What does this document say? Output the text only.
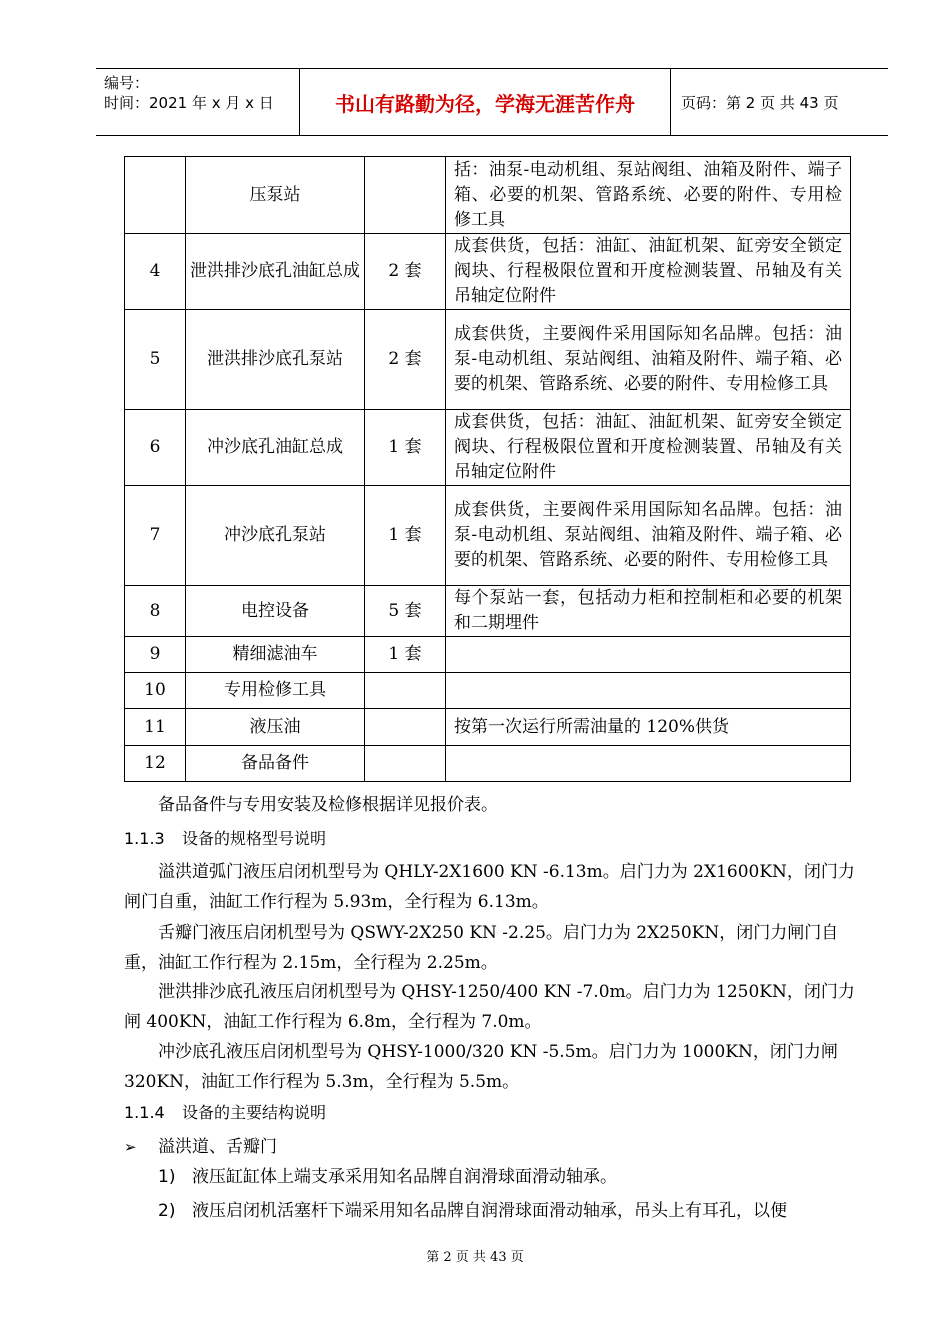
编号：
时间：2021 年 x 月 x 日	书山有路勤为径，学海无涯苦作舟	页码：第 2 页 共 43 页
	压泵站		括：油泵-电动机组、泵站阀组、油箱及附件、端子箱、必要的机架、管路系统、必要的附件、专用检修工具
4	泄洪排沙底孔油缸总成	2 套	成套供货，包括：油缸、油缸机架、缸旁安全锁定阀块、行程极限位置和开度检测装置、吊轴及有关吊轴定位附件
5	泄洪排沙底孔泵站	2 套	成套供货，主要阀件采用国际知名品牌。包括：油泵-电动机组、泵站阀组、油箱及附件、端子箱、必要的机架、管路系统、必要的附件、专用检修工具
6	冲沙底孔油缸总成	1 套	成套供货，包括：油缸、油缸机架、缸旁安全锁定阀块、行程极限位置和开度检测装置、吊轴及有关吊轴定位附件
7	冲沙底孔泵站	1 套	成套供货，主要阀件采用国际知名品牌。包括：油泵-电动机组、泵站阀组、油箱及附件、端子箱、必要的机架、管路系统、必要的附件、专用检修工具
8	电控设备	5 套	每个泵站一套，包括动力柜和控制柜和必要的机架和二期埋件
9	精细滤油车	1 套	
10	专用检修工具		
11	液压油		按第一次运行所需油量的 120%供货
12	备品备件		
备品备件与专用安装及检修根据详见报价表。
1.1.3 设备的规格型号说明
溢洪道弧门液压启闭机型号为 QHLY-2X1600 KN -6.13m。启门力为 2X1600KN，闭门力闸门自重，油缸工作行程为 5.93m，全行程为 6.13m。
舌瓣门液压启闭机型号为 QSWY-2X250 KN -2.25。启门力为 2X250KN，闭门力闸门自重，油缸工作行程为 2.15m，全行程为 2.25m。
泄洪排沙底孔液压启闭机型号为 QHSY-1250/400 KN -7.0m。启门力为 1250KN，闭门力闸 400KN，油缸工作行程为 6.8m，全行程为 7.0m。
冲沙底孔液压启闭机型号为 QHSY-1000/320 KN -5.5m。启门力为 1000KN，闭门力闸 320KN，油缸工作行程为 5.3m，全行程为 5.5m。
1.1.4 设备的主要结构说明
➢ 溢洪道、舌瓣门
1) 液压缸缸体上端支承采用知名品牌自润滑球面滑动轴承。
2) 液压启闭机活塞杆下端采用知名品牌自润滑球面滑动轴承，吊头上有耳孔，以便
第 2 页 共 43 页
